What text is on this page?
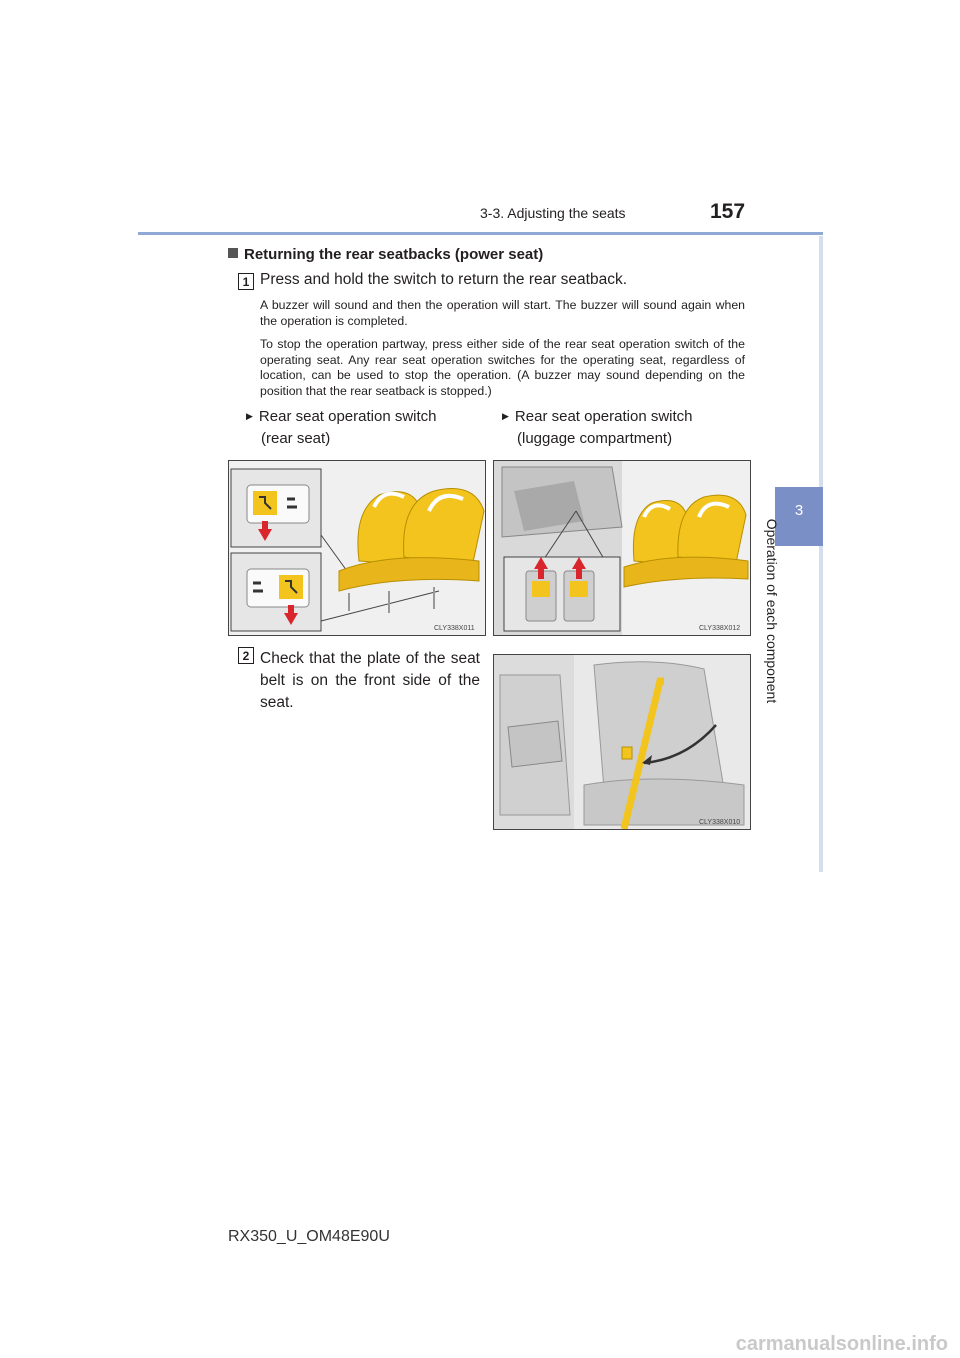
3-3. Adjusting the seats	157
3
Operation of each component
Returning the rear seatbacks (power seat)
1 Press and hold the switch to return the rear seatback.
A buzzer will sound and then the operation will start. The buzzer will sound again when the operation is completed.
To stop the operation partway, press either side of the rear seat operation switch of the operating seat. Any rear seat operation switches for the operating seat, regardless of location, can be used to stop the operation. (A buzzer may sound depending on the position that the rear seatback is stopped.)
▶ Rear seat operation switch
(rear seat)
▶ Rear seat operation switch
(luggage compartment)
CLY338X011	CLY338X012
2 Check that the plate of the seat belt is on the front side of the seat.
CLY338X010
RX350_U_OM48E90U
carmanualsonline.info
